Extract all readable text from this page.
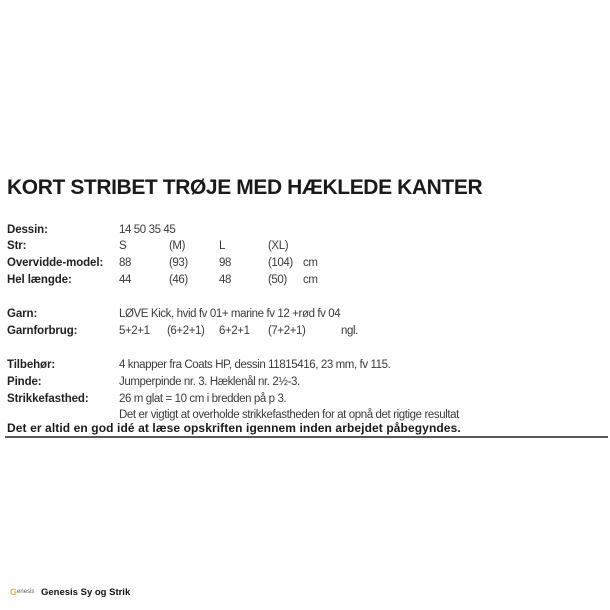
KORT STRIBET TRØJE MED HÆKLEDE KANTER
Dessin:	14 50 35 45
Str:	S	(M)	L	(XL)
Overvidde-model: 88	(93)	98	(104) cm
Hel længde:	44	(46)	48	(50) cm
Garn:	LØVE Kick, hvid fv 01+ marine fv 12 +rød fv 04
Garnforbrug:	5+2+1 (6+2+1) 6+2+1 (7+2+1)	ngl.
Tilbehør:	4 knapper fra Coats HP, dessin 11815416, 23 mm, fv 115.
Pinde:	Jumperpinde nr. 3. Hæklenål nr. 2½-3.
Strikkefasthed:	26 m glat = 10 cm i bredden på p 3.
Det er vigtigt at overholde strikkefastheden for at opnå det rigtige resultat
Det er altid en god idé at læse opskriften igennem inden arbejdet påbegyndes.
G enesis Genesis Sy og Strik
